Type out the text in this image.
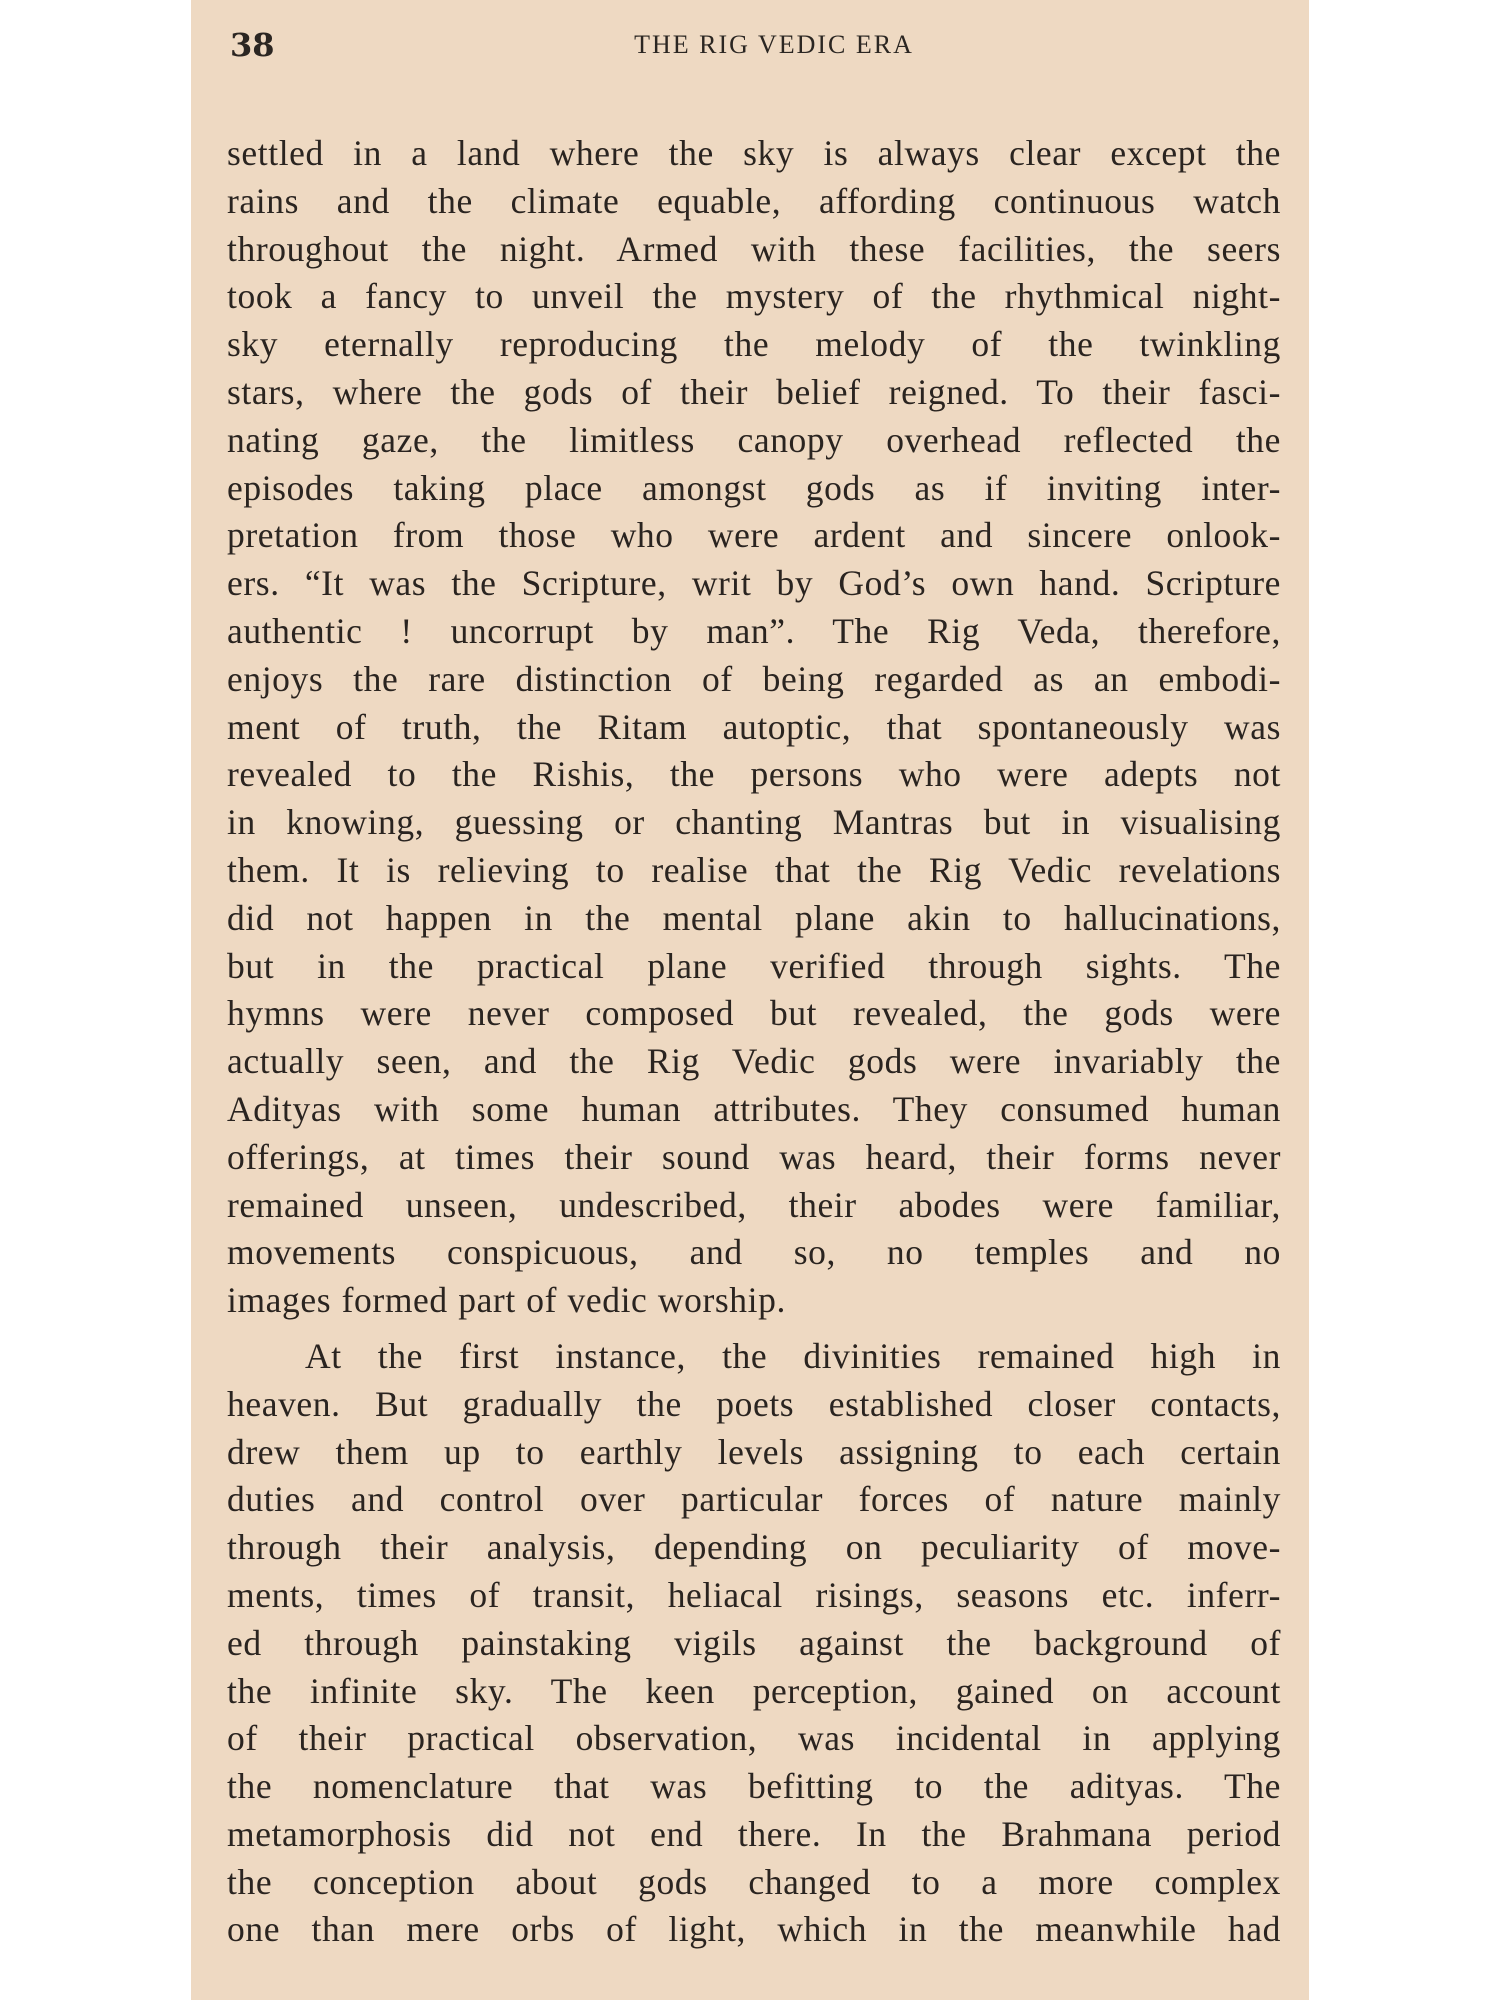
38	THE RIG VEDIC ERA
settled in a land where the sky is always clear except the
rains and the climate equable, affording continuous watch
throughout the night. Armed with these facilities, the seers
took a fancy to unveil the mystery of the rhythmical night-
sky eternally reproducing the melody of the twinkling
stars, where the gods of their belief reigned. To their fasci-
nating gaze, the limitless canopy overhead reflected the
episodes taking place amongst gods as if inviting inter-
pretation from those who were ardent and sincere onlook-
ers. “It was the Scripture, writ by God’s own hand. Scripture
authentic ! uncorrupt by man”. The Rig Veda, therefore,
enjoys the rare distinction of being regarded as an embodi-
ment of truth, the Ritam autoptic, that spontaneously was
revealed to the Rishis, the persons who were adepts not
in knowing, guessing or chanting Mantras but in visualising
them. It is relieving to realise that the Rig Vedic revelations
did not happen in the mental plane akin to hallucinations,
but in the practical plane verified through sights. The
hymns were never composed but revealed, the gods were
actually seen, and the Rig Vedic gods were invariably the
Adityas with some human attributes. They consumed human
offerings, at times their sound was heard, their forms never
remained unseen, undescribed, their abodes were familiar,
movements conspicuous, and so, no temples and no
images formed part of vedic worship.
At the first instance, the divinities remained high in
heaven. But gradually the poets established closer contacts,
drew them up to earthly levels assigning to each certain
duties and control over particular forces of nature mainly
through their analysis, depending on peculiarity of move-
ments, times of transit, heliacal risings, seasons etc. inferr-
ed through painstaking vigils against the background of
the infinite sky. The keen perception, gained on account
of their practical observation, was incidental in applying
the nomenclature that was befitting to the adityas. The
metamorphosis did not end there. In the Brahmana period
the conception about gods changed to a more complex
one than mere orbs of light, which in the meanwhile had
